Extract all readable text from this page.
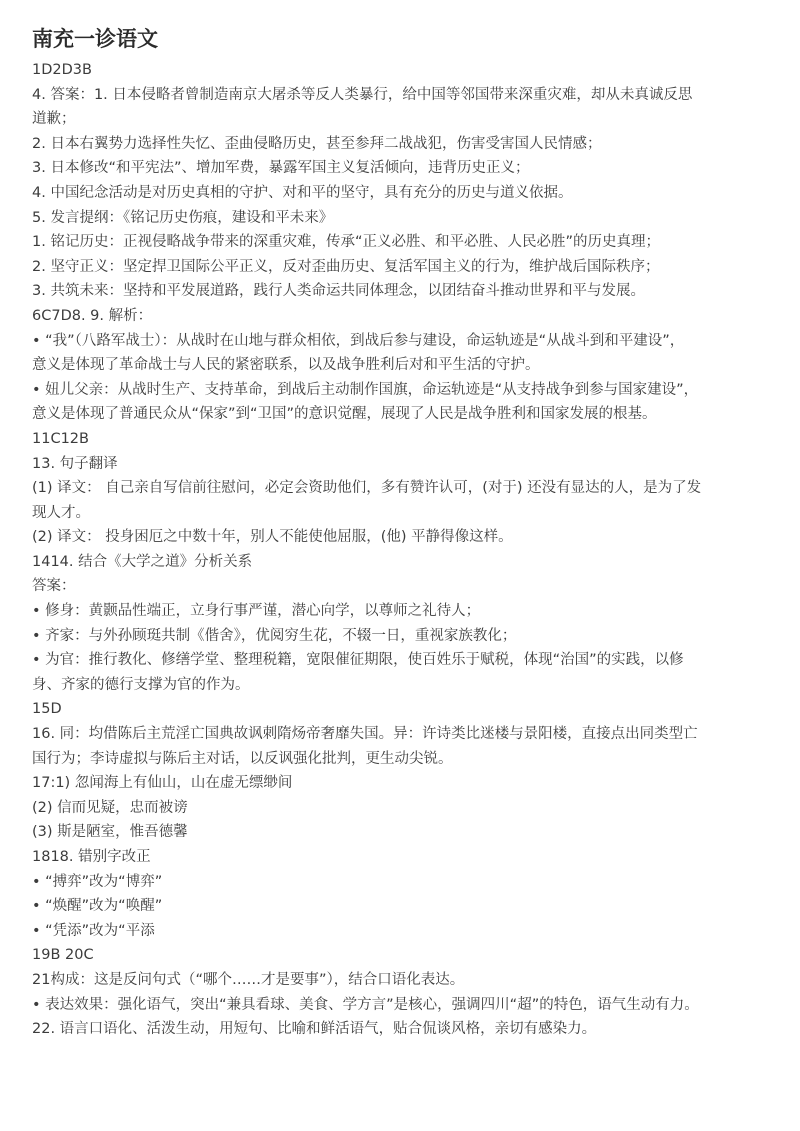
南充一诊语文
1D2D3B
4. 答案：1. 日本侵略者曾制造南京大屠杀等反人类暴行，给中国等邻国带来深重灾难，却从未真诚反思
道歉；
2. 日本右翼势力选择性失忆、歪曲侵略历史，甚至参拜二战战犯，伤害受害国人民情感；
3. 日本修改“和平宪法”、增加军费，暴露军国主义复活倾向，违背历史正义；
4. 中国纪念活动是对历史真相的守护、对和平的坚守，具有充分的历史与道义依据。
5. 发言提纲：《铭记历史伤痕，建设和平未来》
1. 铭记历史：正视侵略战争带来的深重灾难，传承“正义必胜、和平必胜、人民必胜”的历史真理；
2. 坚守正义：坚定捍卫国际公平正义，反对歪曲历史、复活军国主义的行为，维护战后国际秩序；
3. 共筑未来：坚持和平发展道路，践行人类命运共同体理念，以团结奋斗推动世界和平与发展。
6C7D8. 9. 解析：
• “我”（八路军战士）：从战时在山地与群众相依，到战后参与建设，命运轨迹是“从战斗到和平建设”，
意义是体现了革命战士与人民的紧密联系，以及战争胜利后对和平生活的守护。
• 妞儿父亲：从战时生产、支持革命，到战后主动制作国旗，命运轨迹是“从支持战争到参与国家建设”，
意义是体现了普通民众从“保家”到“卫国”的意识觉醒，展现了人民是战争胜利和国家发展的根基。
11C12B
13. 句子翻译
(1) 译文： 自己亲自写信前往慰问，必定会资助他们，多有赞许认可，(对于) 还没有显达的人，是为了发
现人才。
(2) 译文： 投身困厄之中数十年，别人不能使他屈服，(他) 平静得像这样。
1414. 结合《大学之道》分析关系
答案：
• 修身：黄颢品性端正，立身行事严谨，潜心向学，以尊师之礼待人；
• 齐家：与外孙顾珽共制《偕舍》，优阅穷生花，不辍一日，重视家族教化；
• 为官：推行教化、修缮学堂、整理税籍，宽限催征期限，使百姓乐于赋税，体现“治国”的实践，以修
身、齐家的德行支撑为官的作为。
15D
16. 同：均借陈后主荒淫亡国典故讽刺隋炀帝奢靡失国。异：许诗类比迷楼与景阳楼，直接点出同类型亡
国行为；李诗虚拟与陈后主对话，以反讽强化批判，更生动尖锐。
17:1) 忽闻海上有仙山，山在虚无缥缈间
(2) 信而见疑，忠而被谤
(3) 斯是陋室，惟吾德馨
1818. 错别字改正
• “搏弈”改为“博弈”
• “焕醒”改为“唤醒”
• “凭添”改为“平添
19B 20C
21构成：这是反问句式（“哪个……才是要事”），结合口语化表达。
• 表达效果：强化语气，突出“兼具看球、美食、学方言”是核心，强调四川“超”的特色，语气生动有力。
22. 语言口语化、活泼生动，用短句、比喻和鲜活语气，贴合侃谈风格，亲切有感染力。
